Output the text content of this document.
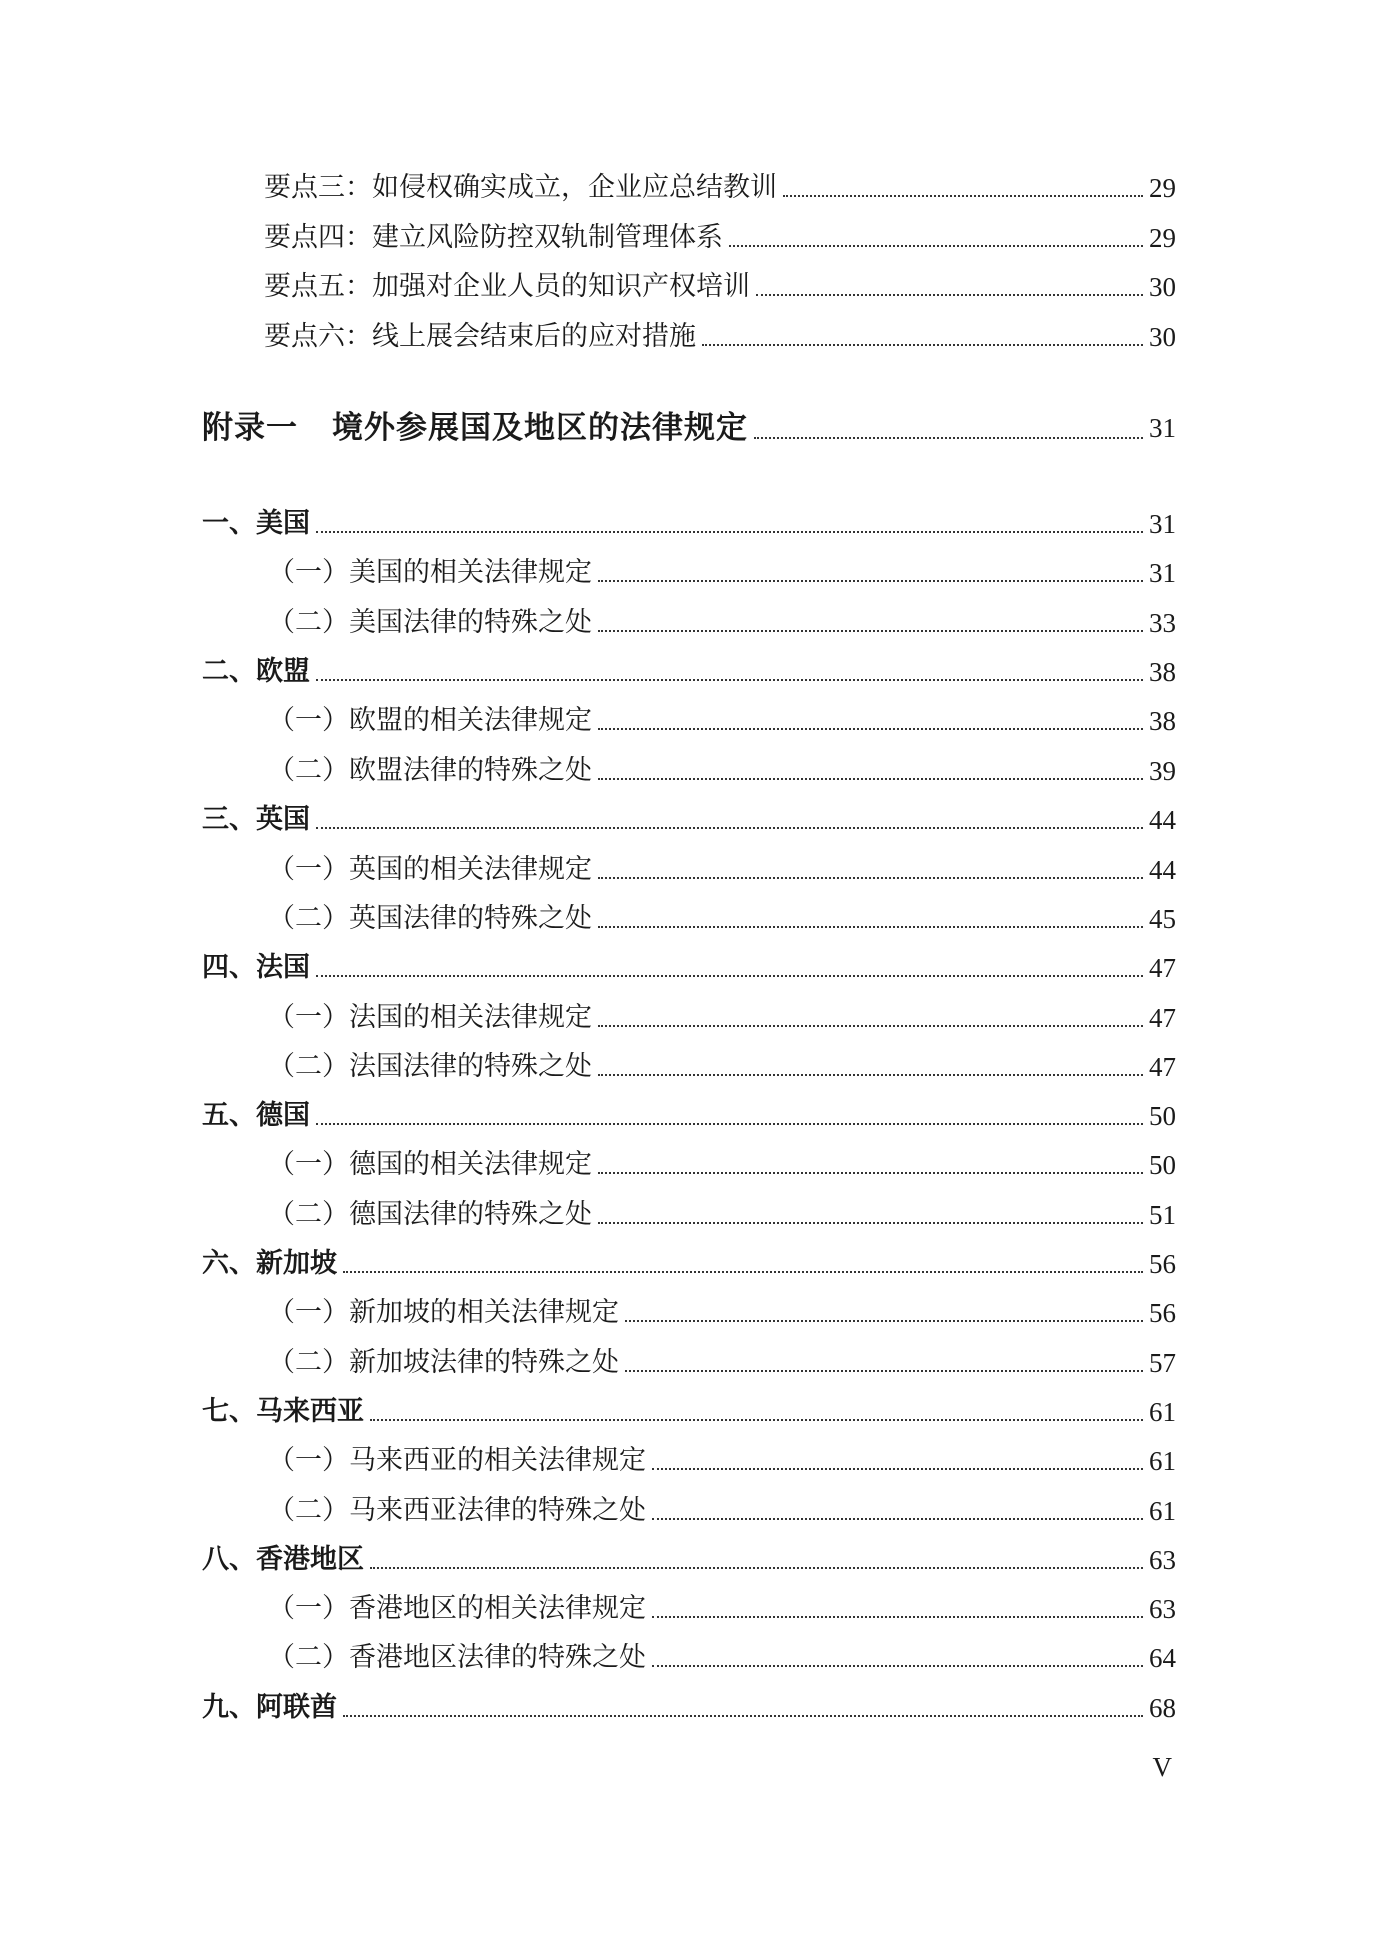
要点三：如侵权确实成立，企业应总结教训	29
要点四：建立风险防控双轨制管理体系	29
要点五：加强对企业人员的知识产权培训	30
要点六：线上展会结束后的应对措施	30
附录一 境外参展国及地区的法律规定	31
一、美国	31
（一）美国的相关法律规定	31
（二）美国法律的特殊之处	33
二、欧盟	38
（一）欧盟的相关法律规定	38
（二）欧盟法律的特殊之处	39
三、英国	44
（一）英国的相关法律规定	44
（二）英国法律的特殊之处	45
四、法国	47
（一）法国的相关法律规定	47
（二）法国法律的特殊之处	47
五、德国	50
（一）德国的相关法律规定	50
（二）德国法律的特殊之处	51
六、新加坡	56
（一）新加坡的相关法律规定	56
（二）新加坡法律的特殊之处	57
七、马来西亚	61
（一）马来西亚的相关法律规定	61
（二）马来西亚法律的特殊之处	61
八、香港地区	63
（一）香港地区的相关法律规定	63
（二）香港地区法律的特殊之处	64
九、阿联酋	68
V
